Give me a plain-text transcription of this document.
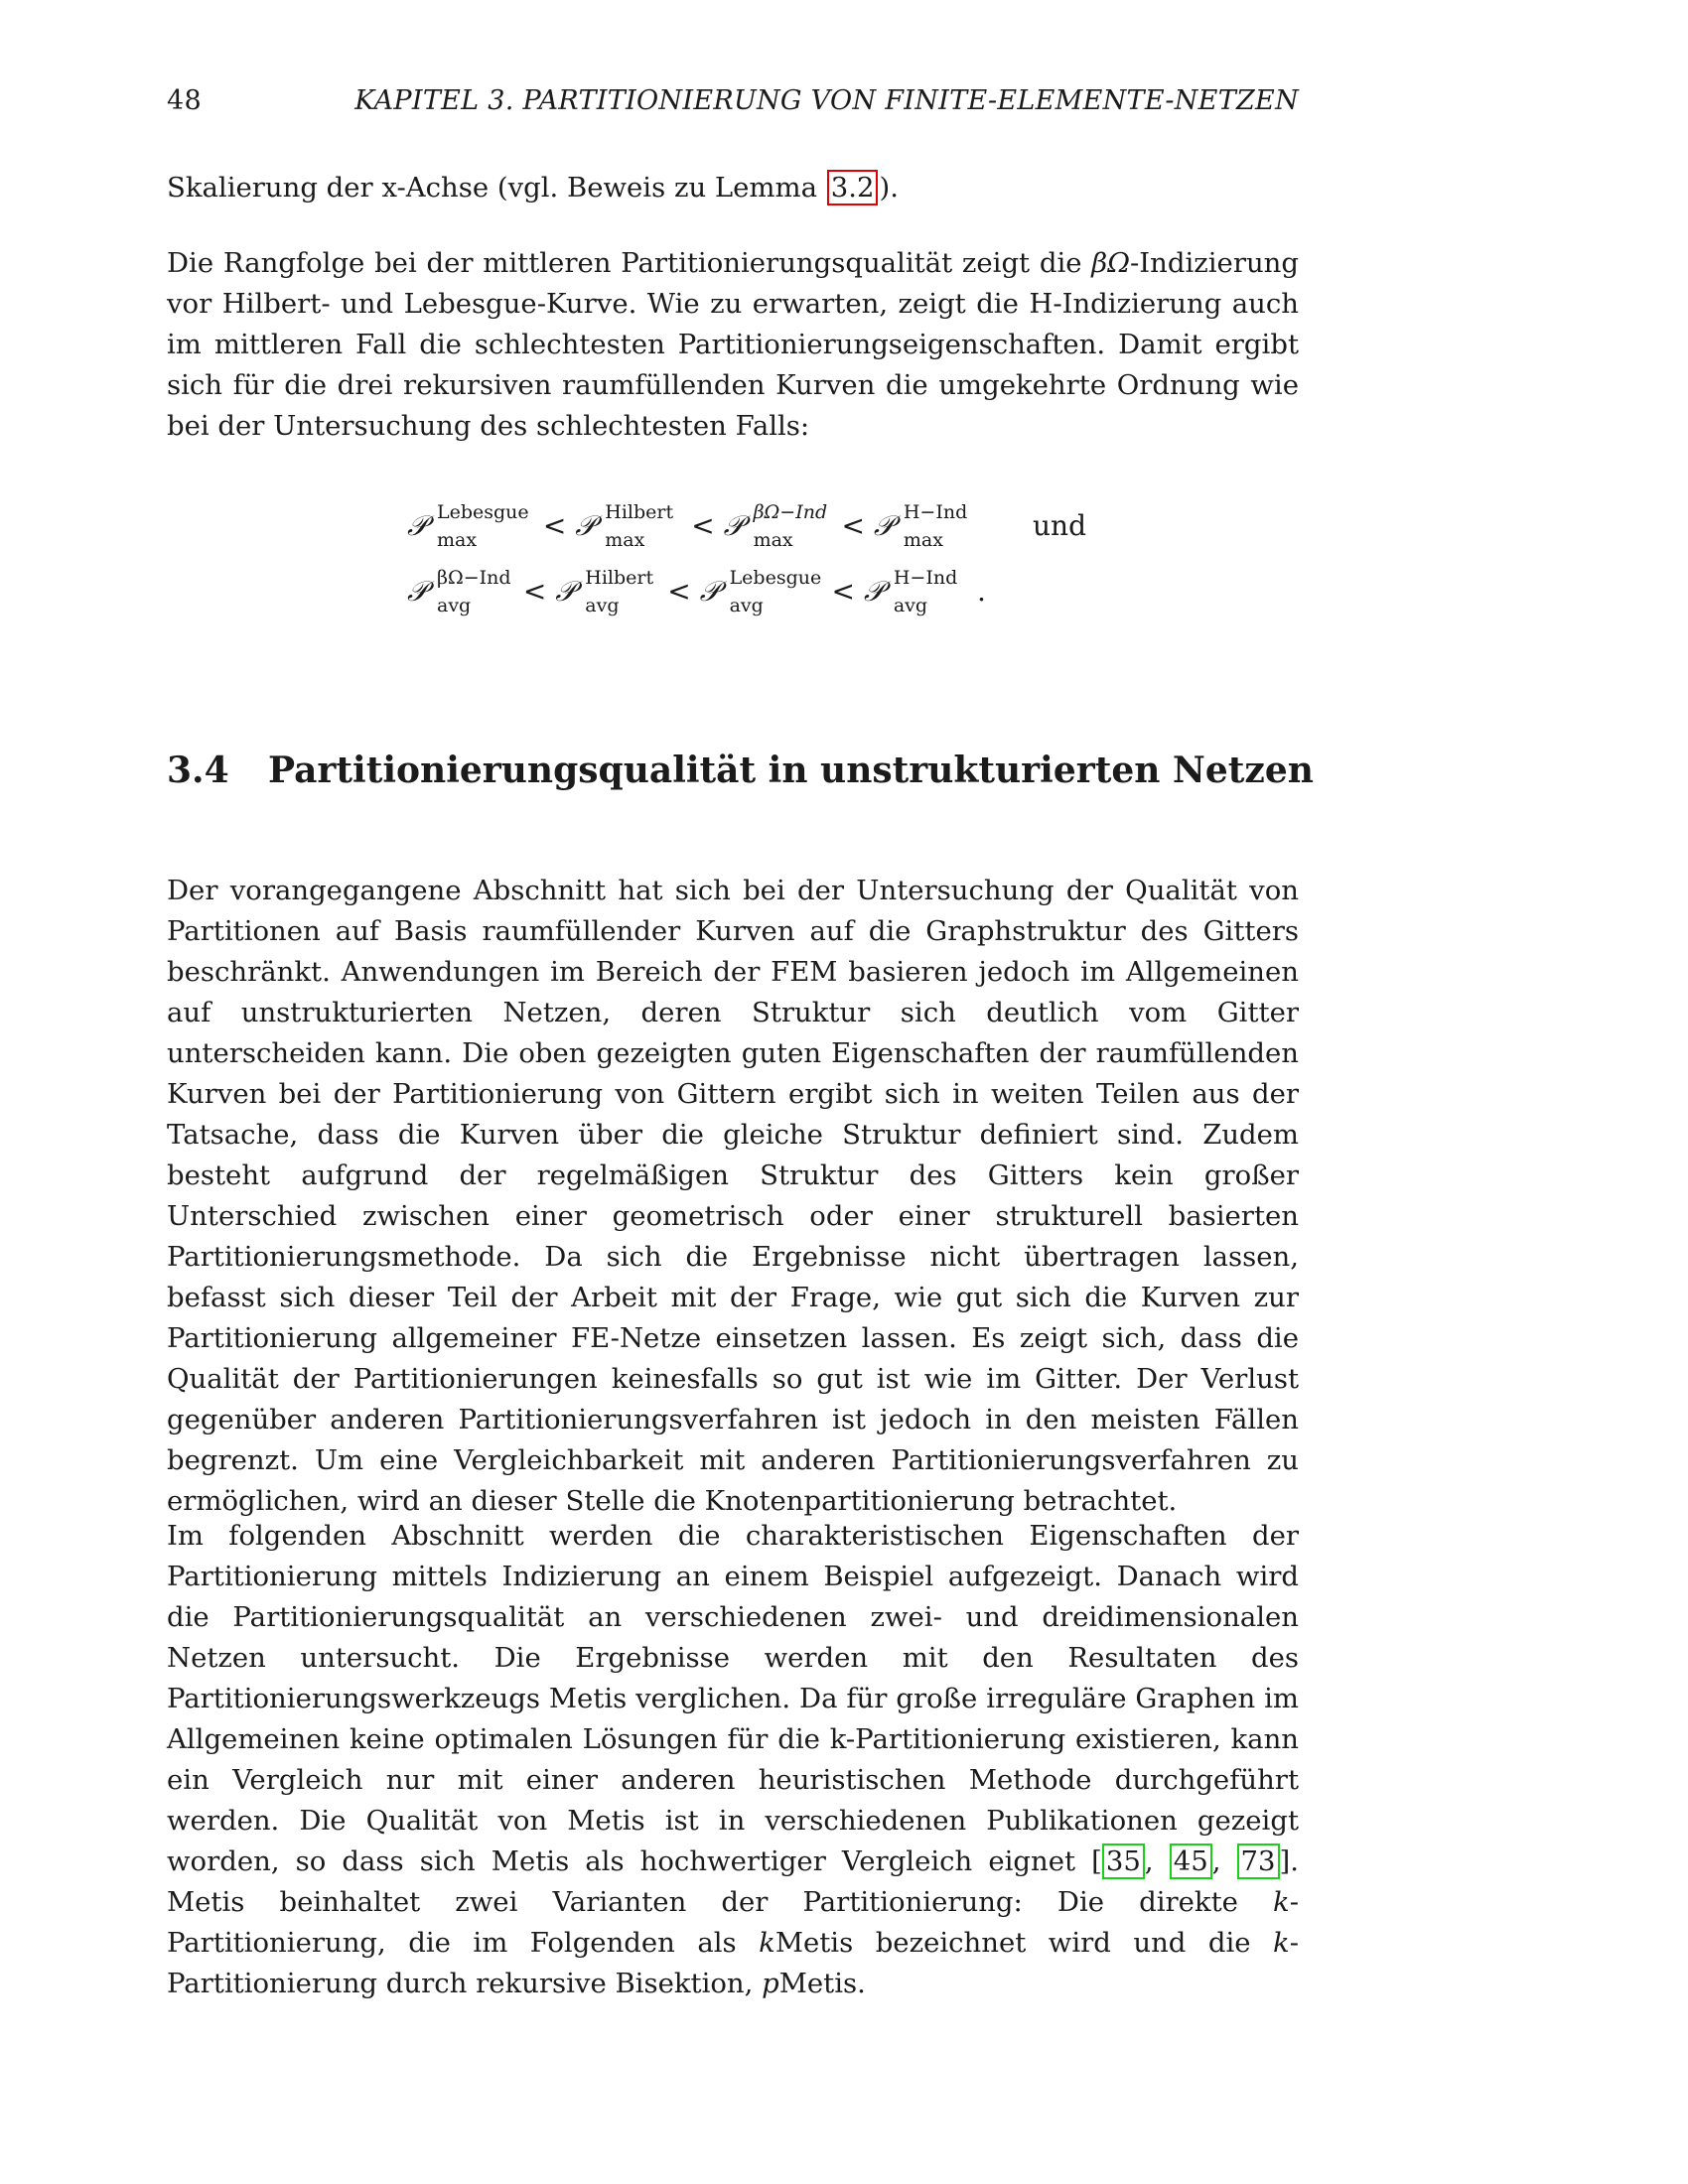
48	KAPITEL 3. PARTITIONIERUNG VON FINITE-ELEMENTE-NETZEN
Skalierung der x-Achse (vgl. Beweis zu Lemma 3.2 ).
Die Rangfolge bei der mittleren Partitionierungsqualität zeigt die βΩ-Indizierung vor Hilbert- und Lebesgue-Kurve. Wie zu erwarten, zeigt die H-Indizierung auch im mittleren Fall die schlechtesten Partitionierungseigenschaften. Damit ergibt sich für die drei rekursiven raumfüllenden Kurven die umgekehrte Ordnung wie bei der Untersuchung des schlechtesten Falls:
𝒫 Lebesgue
max < 𝒫 Hilbert
max < 𝒫 βΩ−Ind
max < 𝒫 H−Ind
max	und
𝒫 βΩ−Ind
avg < 𝒫 Hilbert
avg < 𝒫 Lebesgue
avg < 𝒫 H−Ind
avg .
3.4 Partitionierungsqualität in unstrukturierten Netzen
Der vorangegangene Abschnitt hat sich bei der Untersuchung der Qualität von Partitionen auf Basis raumfüllender Kurven auf die Graphstruktur des Gitters beschränkt. Anwendungen im Bereich der FEM basieren jedoch im Allgemeinen auf unstrukturierten Netzen, deren Struktur sich deutlich vom Gitter unterscheiden kann. Die oben gezeigten guten Eigenschaften der raumfüllenden Kurven bei der Partitionierung von Gittern ergibt sich in weiten Teilen aus der Tatsache, dass die Kurven über die gleiche Struktur definiert sind. Zudem besteht aufgrund der regelmäßigen Struktur des Gitters kein großer Unterschied zwischen einer geometrisch oder einer strukturell basierten Partitionierungsmethode. Da sich die Ergebnisse nicht übertragen lassen, befasst sich dieser Teil der Arbeit mit der Frage, wie gut sich die Kurven zur Partitionierung allgemeiner FE-Netze einsetzen lassen. Es zeigt sich, dass die Qualität der Partitionierungen keinesfalls so gut ist wie im Gitter. Der Verlust gegenüber anderen Partitionierungsverfahren ist jedoch in den meisten Fällen begrenzt. Um eine Vergleichbarkeit mit anderen Partitionierungsverfahren zu ermöglichen, wird an dieser Stelle die Knotenpartitionierung betrachtet.
Im folgenden Abschnitt werden die charakteristischen Eigenschaften der Partitionierung mittels Indizierung an einem Beispiel aufgezeigt. Danach wird die Partitionierungsqualität an verschiedenen zwei- und dreidimensionalen Netzen untersucht. Die Ergebnisse werden mit den Resultaten des Partitionierungswerkzeugs Metis verglichen. Da für große irreguläre Graphen im Allgemeinen keine optimalen Lösungen für die k-Partitionierung existieren, kann ein Vergleich nur mit einer anderen heuristischen Methode durchgeführt werden. Die Qualität von Metis ist in verschiedenen Publikationen gezeigt worden, so dass sich Metis als hochwertiger Vergleich eignet [ 35 , 45 , 73 ]. Metis beinhaltet zwei Varianten der Partitionierung: Die direkte k-Partitionierung, die im Folgenden als kMetis bezeichnet wird und die k-Partitionierung durch rekursive Bisektion, pMetis.
